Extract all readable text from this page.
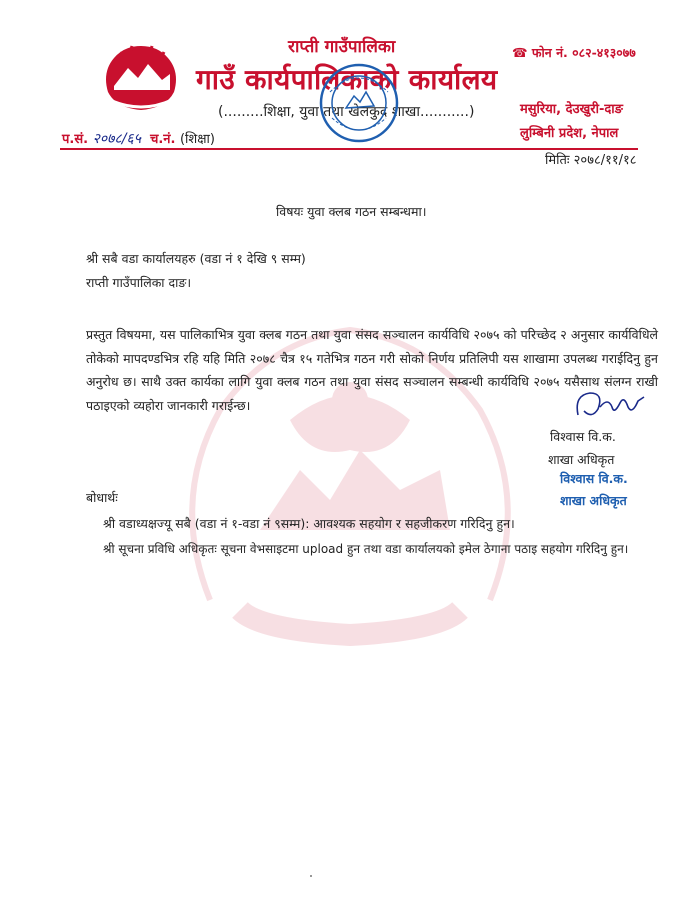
राप्ती गाउँपालिका
गाउँ कार्यपालिकाको कार्यालय
(.........शिक्षा, युवा तथा खेलकुद शाखा...........)
☎ फोन नं. ०८२-४१३०७७
मसुरिया, देउखुरी-दाङ
लुम्बिनी प्रदेश, नेपाल
प.सं. २०७८/६५ च.नं. (शिक्षा)
मितिः २०७८/११/१८
विषयः युवा क्लब गठन सम्बन्धमा।
श्री सबै वडा कार्यालयहरु (वडा नं १ देखि ९ सम्म)
राप्ती गाउँपालिका दाङ।
प्रस्तुत विषयमा, यस पालिकाभित्र युवा क्लब गठन तथा युवा संसद सञ्चालन कार्यविधि २०७५ को परिच्छेद २ अनुसार कार्यविधिले तोकेको मापदण्डभित्र रहि यहि मिति २०७८ चैत्र १५ गतेभित्र गठन गरी सोको निर्णय प्रतिलिपी यस शाखामा उपलब्ध गराईदिनु हुन अनुरोध छ। साथै उक्त कार्यका लागि युवा क्लब गठन तथा युवा संसद सञ्चालन सम्बन्धी कार्यविधि २०७५ यसैसाथ संलग्न राखी पठाइएको व्यहोरा जानकारी गराईन्छ।
विश्वास वि.क.
शाखा अधिकृत
विश्वास वि.क.
शाखा अधिकृत
बोधार्थः
श्री वडाध्यक्षज्यू सबै (वडा नं १-वडा नं ९सम्म): आवश्यक सहयोग र सहजीकरण गरिदिनु हुन।
श्री सूचना प्रविधि अधिकृतः सूचना वेभसाइटमा upload हुन तथा वडा कार्यालयको इमेल ठेगाना पठाइ सहयोग गरिदिनु हुन।
